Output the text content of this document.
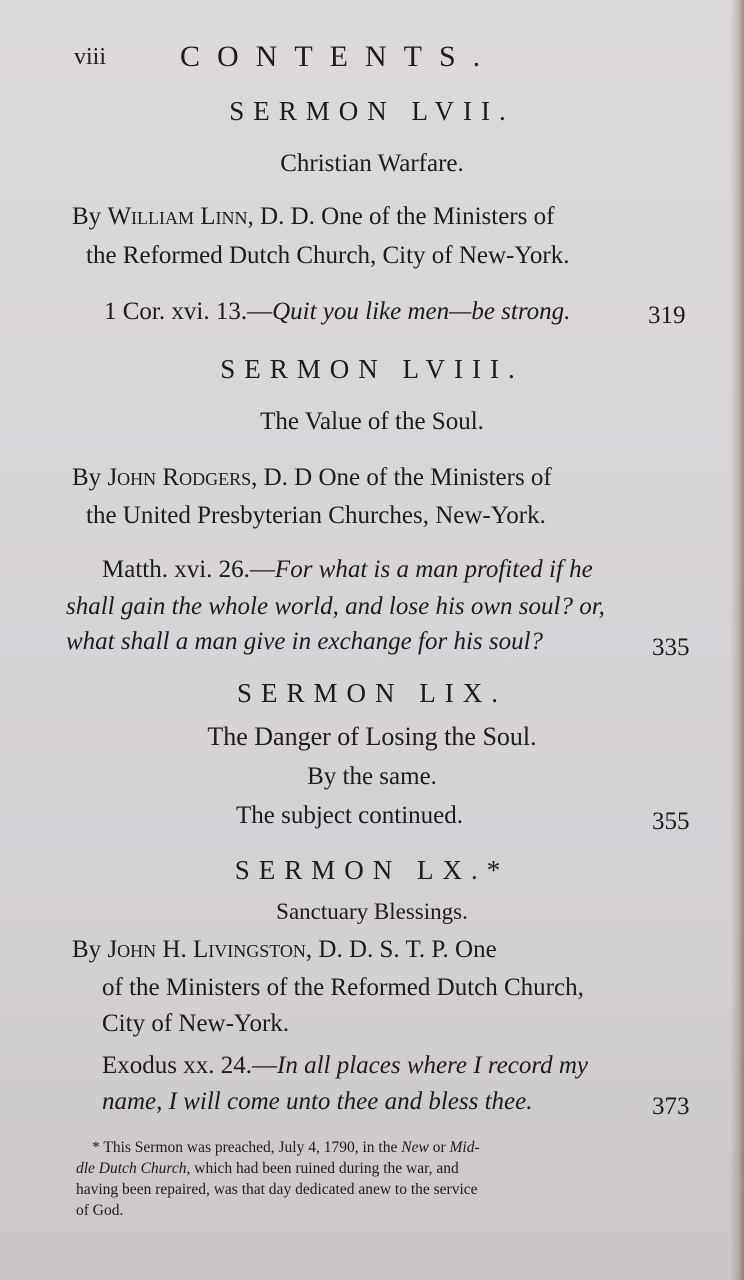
viii CONTENTS.
SERMON LVII.
Christian Warfare.
By William Linn, D. D. One of the Ministers of
the Reformed Dutch Church, City of New-York.
1 Cor. xvi. 13.—Quit you like men—be strong.	319
SERMON LVIII.
The Value of the Soul.
By John Rodgers, D. D One of the Ministers of
the United Presbyterian Churches, New-York.
Matth. xvi. 26.—For what is a man profited if he
shall gain the whole world, and lose his own soul? or,
what shall a man give in exchange for his soul?	335
SERMON LIX.
The Danger of Losing the Soul.
By the same.
The subject continued.	355
SERMON LX.*
Sanctuary Blessings.
By John H. Livingston, D. D. S. T. P. One
of the Ministers of the Reformed Dutch Church,
City of New-York.
Exodus xx. 24.—In all places where I record my
name, I will come unto thee and bless thee.	373
* This Sermon was preached, July 4, 1790, in the New or Mid-
dle Dutch Church, which had been ruined during the war, and
having been repaired, was that day dedicated anew to the service
of God.
